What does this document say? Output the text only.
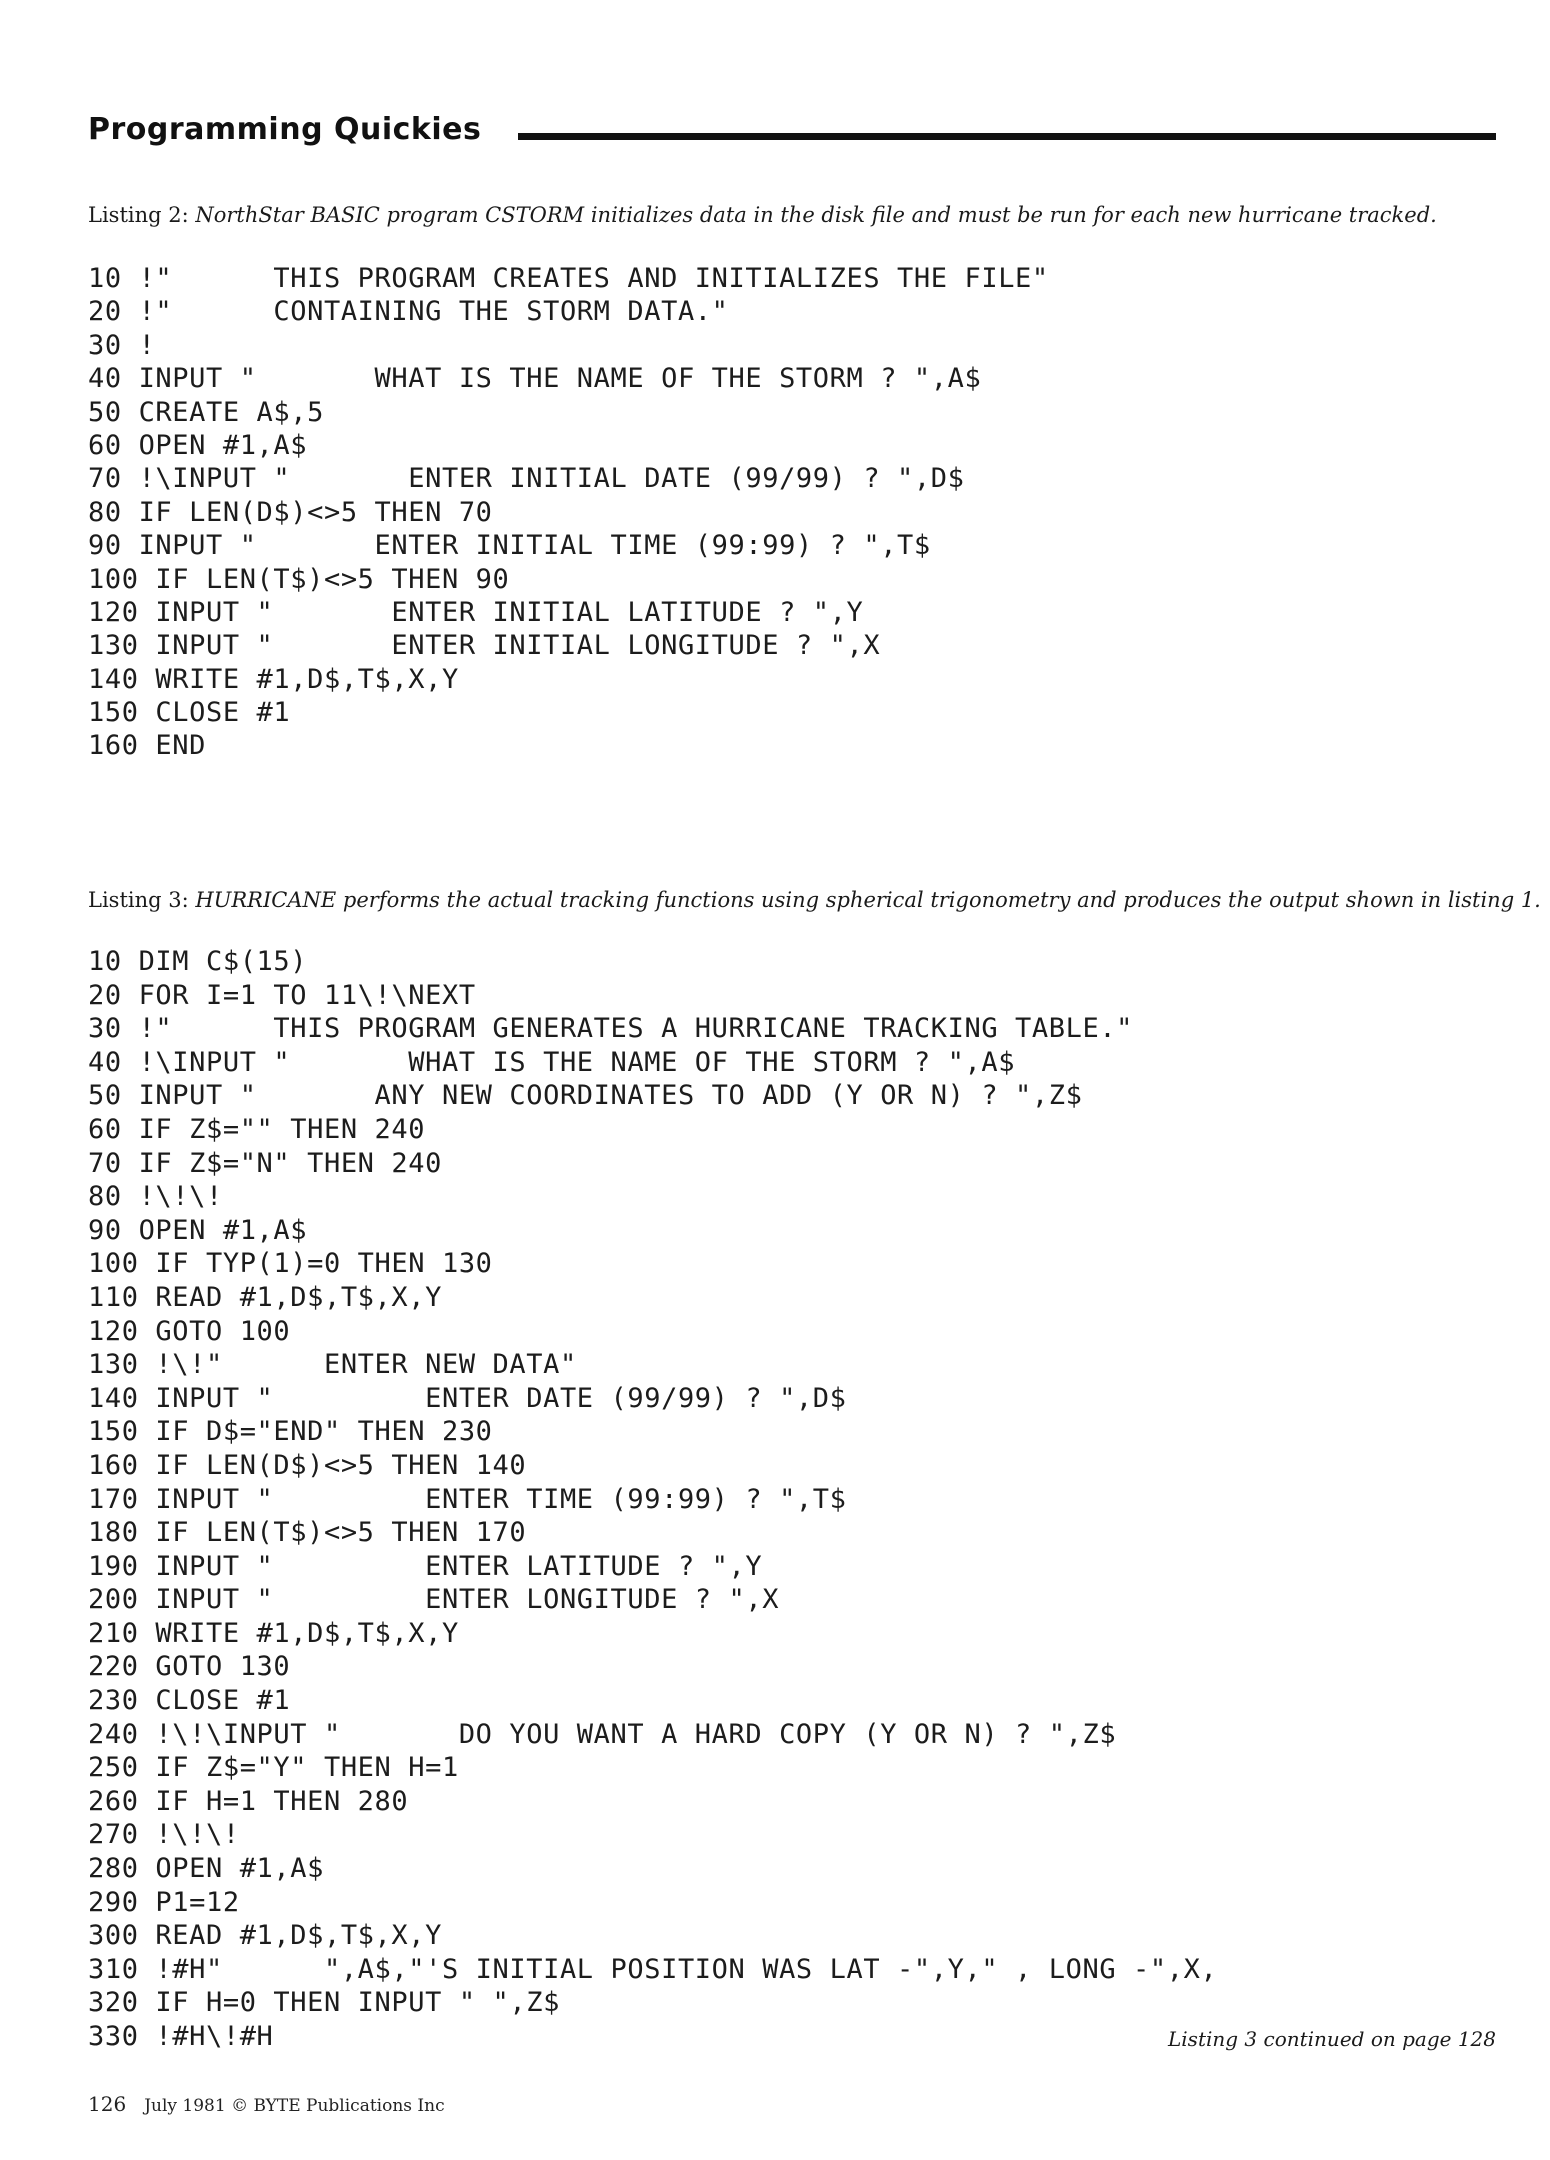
Programming Quickies
Listing 2: NorthStar BASIC program CSTORM initializes data in the disk file and must be run for each new hurricane tracked.
10 !"      THIS PROGRAM CREATES AND INITIALIZES THE FILE"
20 !"      CONTAINING THE STORM DATA."
30 !
40 INPUT "       WHAT IS THE NAME OF THE STORM ? ",A$
50 CREATE A$,5
60 OPEN #1,A$
70 !\INPUT "       ENTER INITIAL DATE (99/99) ? ",D$
80 IF LEN(D$)<>5 THEN 70
90 INPUT "       ENTER INITIAL TIME (99:99) ? ",T$
100 IF LEN(T$)<>5 THEN 90
120 INPUT "       ENTER INITIAL LATITUDE ? ",Y
130 INPUT "       ENTER INITIAL LONGITUDE ? ",X
140 WRITE #1,D$,T$,X,Y
150 CLOSE #1
160 END
Listing 3: HURRICANE performs the actual tracking functions using spherical trigonometry and produces the output shown in listing 1.
10 DIM C$(15)
20 FOR I=1 TO 11\!\NEXT
30 !"      THIS PROGRAM GENERATES A HURRICANE TRACKING TABLE."
40 !\INPUT "       WHAT IS THE NAME OF THE STORM ? ",A$
50 INPUT "       ANY NEW COORDINATES TO ADD (Y OR N) ? ",Z$
60 IF Z$="" THEN 240
70 IF Z$="N" THEN 240
80 !\!\!
90 OPEN #1,A$
100 IF TYP(1)=0 THEN 130
110 READ #1,D$,T$,X,Y
120 GOTO 100
130 !\!"      ENTER NEW DATA"
140 INPUT "         ENTER DATE (99/99) ? ",D$
150 IF D$="END" THEN 230
160 IF LEN(D$)<>5 THEN 140
170 INPUT "         ENTER TIME (99:99) ? ",T$
180 IF LEN(T$)<>5 THEN 170
190 INPUT "         ENTER LATITUDE ? ",Y
200 INPUT "         ENTER LONGITUDE ? ",X
210 WRITE #1,D$,T$,X,Y
220 GOTO 130
230 CLOSE #1
240 !\!\INPUT "       DO YOU WANT A HARD COPY (Y OR N) ? ",Z$
250 IF Z$="Y" THEN H=1
260 IF H=1 THEN 280
270 !\!\!
280 OPEN #1,A$
290 P1=12
300 READ #1,D$,T$,X,Y
310 !#H"      ",A$,"'S INITIAL POSITION WAS LAT -",Y," , LONG -",X,
320 IF H=0 THEN INPUT " ",Z$
330 !#H\!#H	Listing 3 continued on page 128
126 July 1981 © BYTE Publications Inc
